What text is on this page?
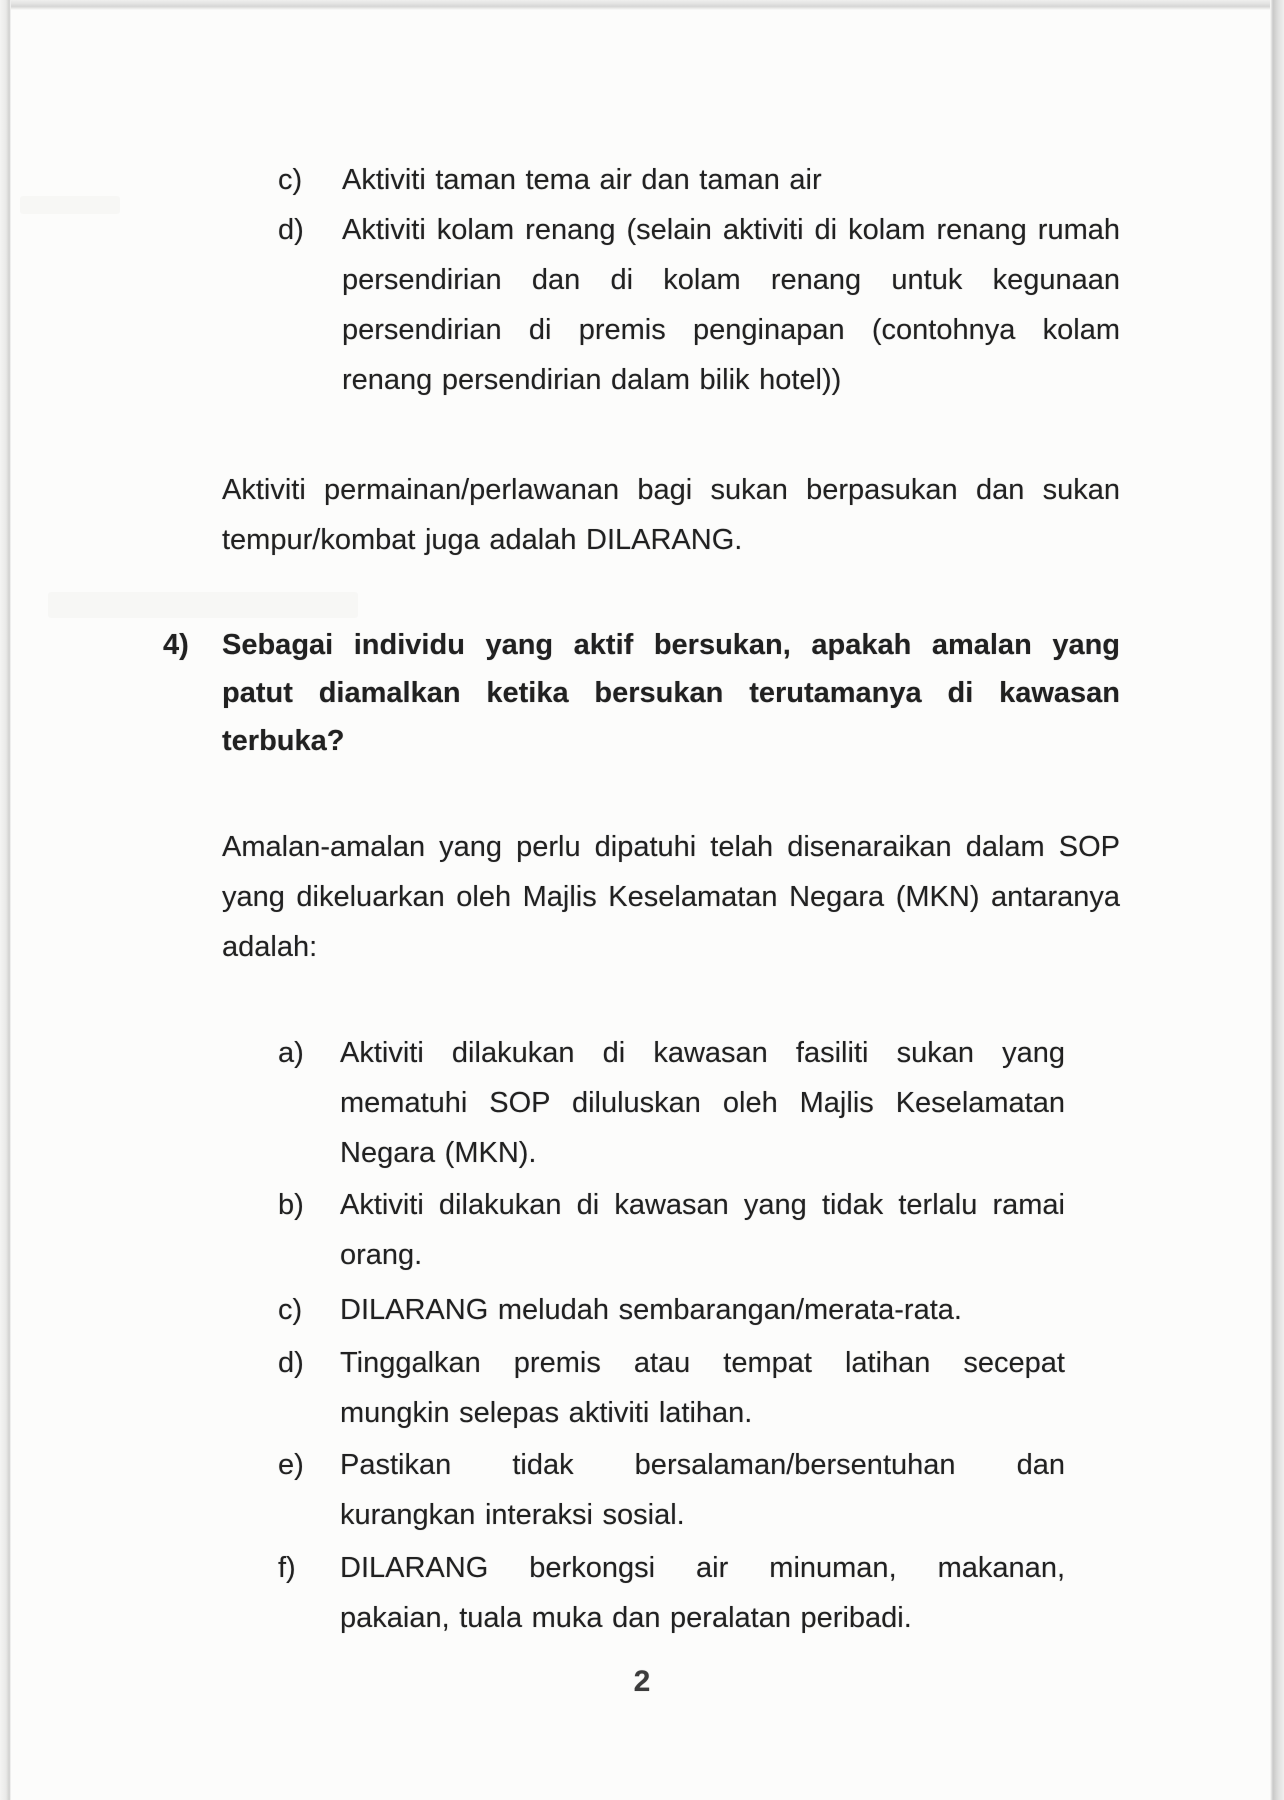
c) Aktiviti taman tema air dan taman air
d) Aktiviti kolam renang (selain aktiviti di kolam renang rumah
persendirian dan di kolam renang untuk kegunaan
persendirian di premis penginapan (contohnya kolam
renang persendirian dalam bilik hotel))
Aktiviti permainan/perlawanan bagi sukan berpasukan dan sukan
tempur/kombat juga adalah DILARANG.
4) Sebagai individu yang aktif bersukan, apakah amalan yang
patut diamalkan ketika bersukan terutamanya di kawasan
terbuka?
Amalan-amalan yang perlu dipatuhi telah disenaraikan dalam SOP
yang dikeluarkan oleh Majlis Keselamatan Negara (MKN) antaranya
adalah:
a) Aktiviti dilakukan di kawasan fasiliti sukan yang
mematuhi SOP diluluskan oleh Majlis Keselamatan
Negara (MKN).
b) Aktiviti dilakukan di kawasan yang tidak terlalu ramai
orang.
c) DILARANG meludah sembarangan/merata-rata.
d) Tinggalkan premis atau tempat latihan secepat
mungkin selepas aktiviti latihan.
e) Pastikan tidak bersalaman/bersentuhan dan
kurangkan interaksi sosial.
f) DILARANG berkongsi air minuman, makanan,
pakaian, tuala muka dan peralatan peribadi.
2
